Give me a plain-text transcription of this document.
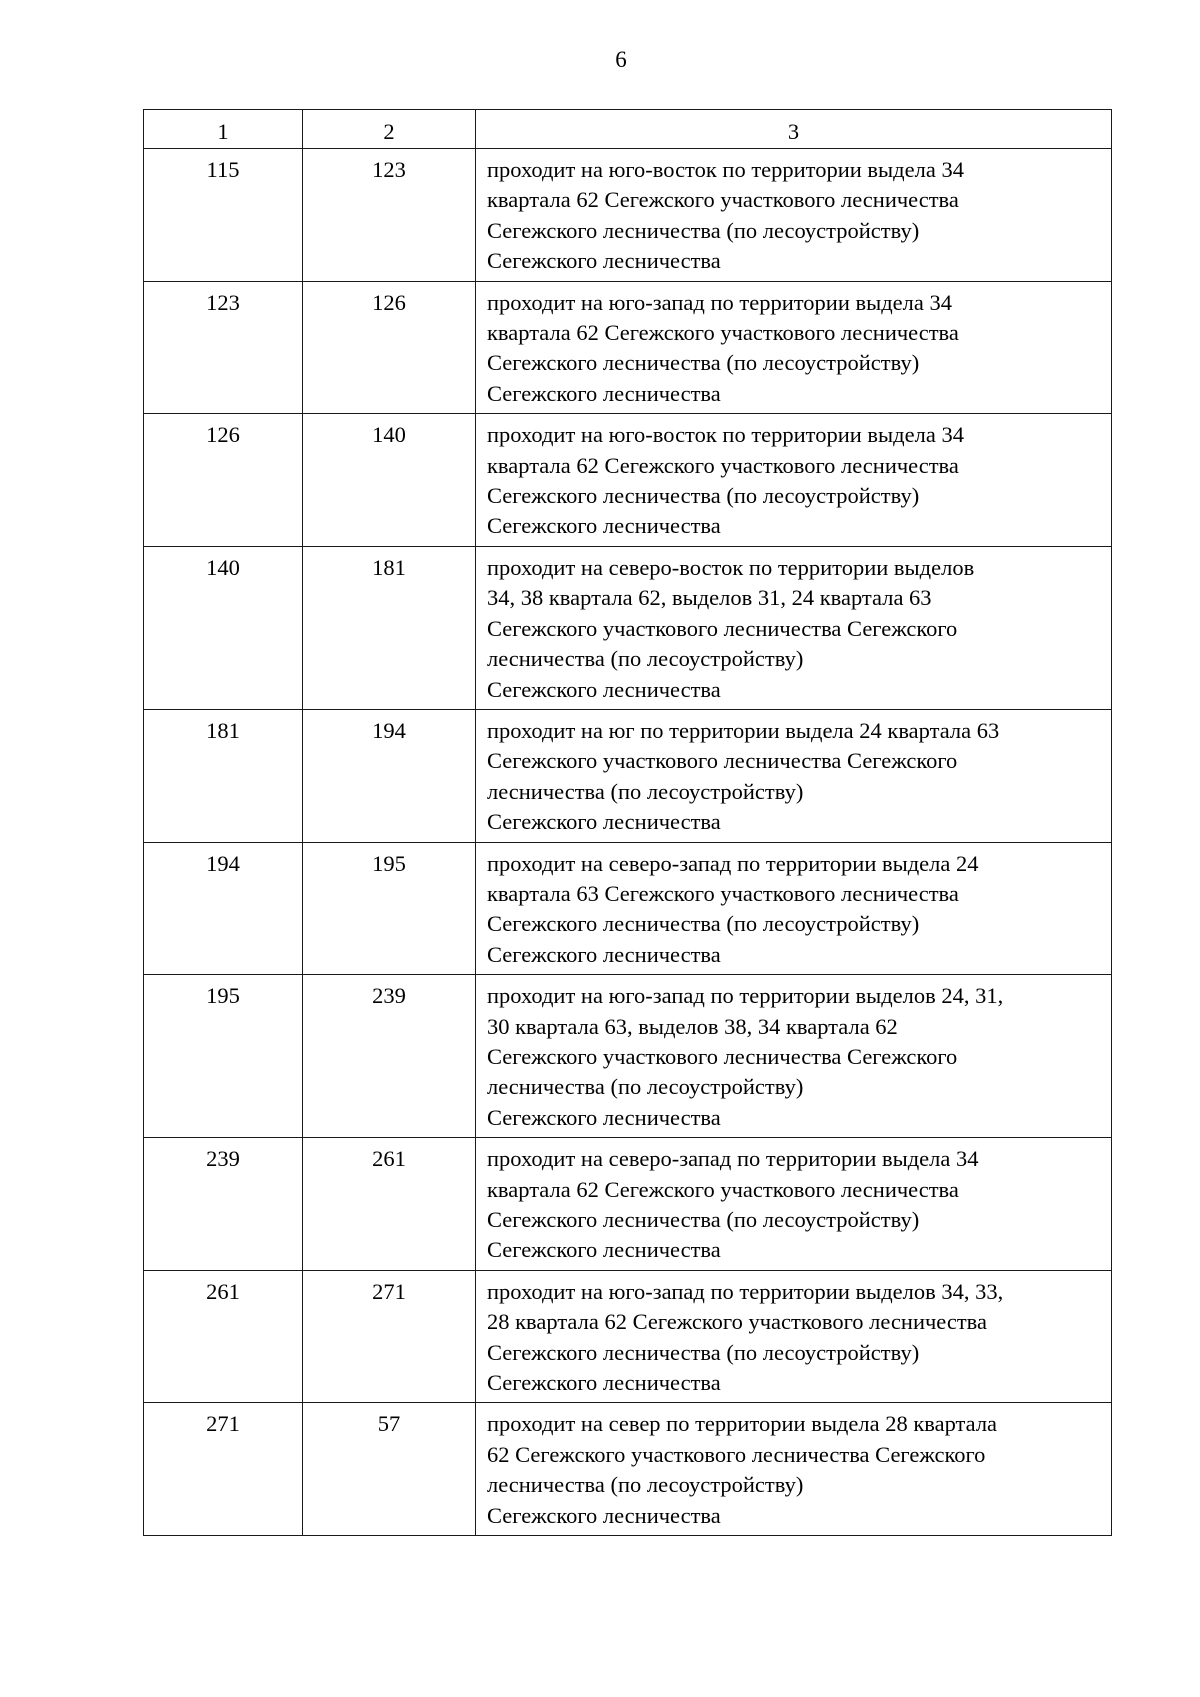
6
1	2	3
115	123	проходит на юго-восток по территории выдела 34
квартала 62 Сегежского участкового лесничества
Сегежского лесничества (по лесоустройству)
Сегежского лесничества

123	126	проходит на юго-запад по территории выдела 34
квартала 62 Сегежского участкового лесничества
Сегежского лесничества (по лесоустройству)
Сегежского лесничества

126	140	проходит на юго-восток по территории выдела 34
квартала 62 Сегежского участкового лесничества
Сегежского лесничества (по лесоустройству)
Сегежского лесничества

140	181	проходит на северо-восток по территории выделов
34, 38 квартала 62, выделов 31, 24 квартала 63
Сегежского участкового лесничества Сегежского
лесничества (по лесоустройству)
Сегежского лесничества

181	194	проходит на юг по территории выдела 24 квартала 63
Сегежского участкового лесничества Сегежского
лесничества (по лесоустройству)
Сегежского лесничества

194	195	проходит на северо-запад по территории выдела 24
квартала 63 Сегежского участкового лесничества
Сегежского лесничества (по лесоустройству)
Сегежского лесничества

195	239	проходит на юго-запад по территории выделов 24, 31,
30 квартала 63, выделов 38, 34 квартала 62
Сегежского участкового лесничества Сегежского
лесничества (по лесоустройству)
Сегежского лесничества

239	261	проходит на северо-запад по территории выдела 34
квартала 62 Сегежского участкового лесничества
Сегежского лесничества (по лесоустройству)
Сегежского лесничества

261	271	проходит на юго-запад по территории выделов 34, 33,
28 квартала 62 Сегежского участкового лесничества
Сегежского лесничества (по лесоустройству)
Сегежского лесничества

271	57	проходит на север по территории выдела 28 квартала
62 Сегежского участкового лесничества Сегежского
лесничества (по лесоустройству)
Сегежского лесничества
